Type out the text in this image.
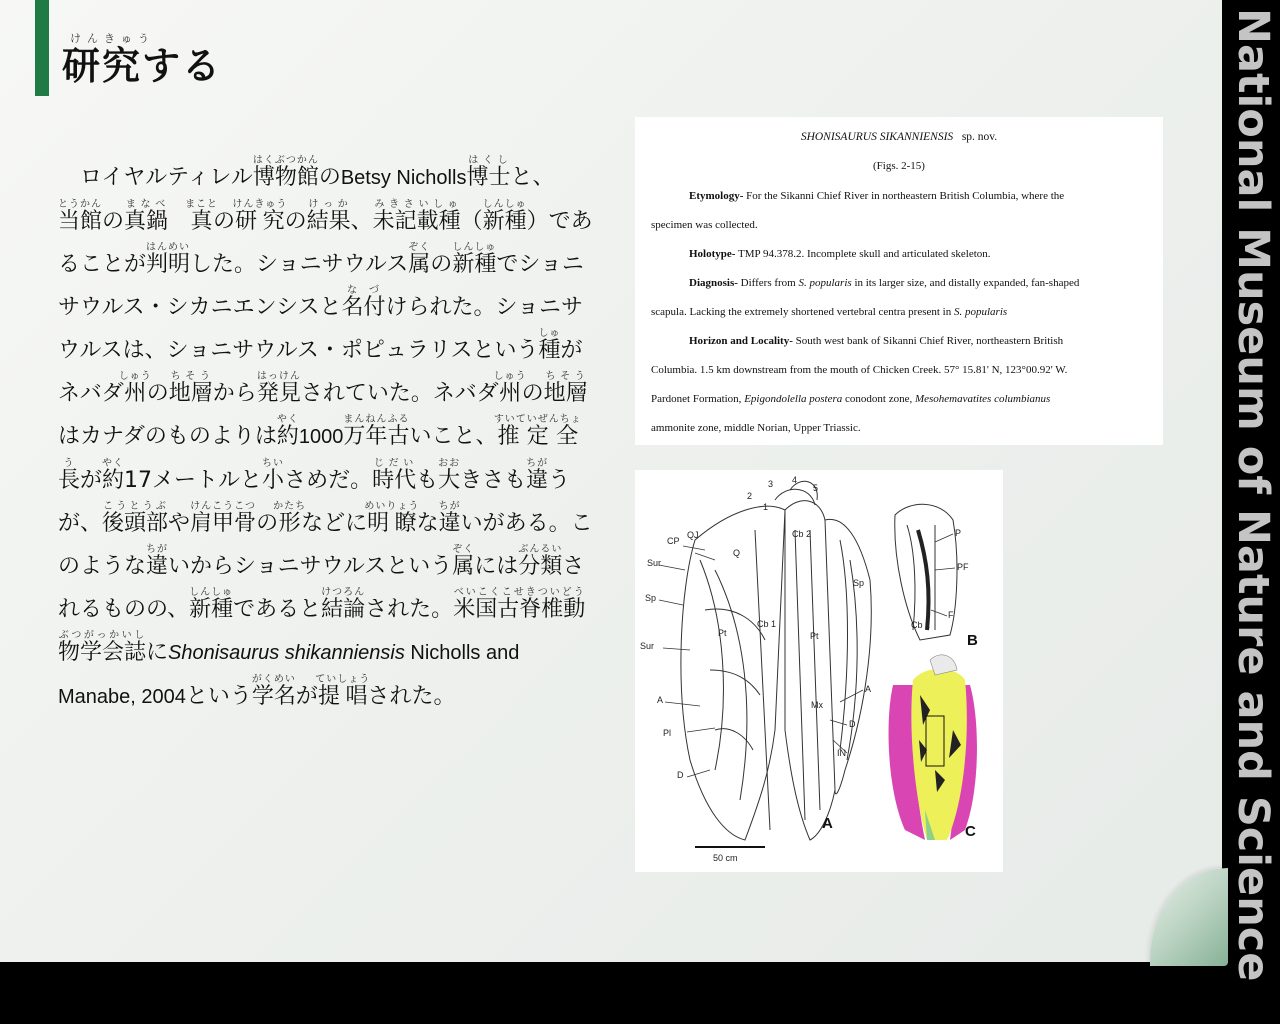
けんきゅう
研究する	National Museum of Nature and Science
　ロイヤルティレル博物館はくぶつかんのBetsy Nicholls博士はくしと、当館とうかんの真鍋まなべ　真まことの研究けんきゅうの結果けっか、未記載種みきさいしゅ（新種しんしゅ）であることが判明はんめいした。ショニサウルス属ぞくの新種しんしゅでショニサウルス・シカニエンシスと名付なづけられた。ショニサウルスは、ショニサウルス・ポピュラリスという種しゅがネバダ州しゅうの地層ちそうから発見はっけんされていた。ネバダ州しゅうの地層ちそうはカナダのものよりは約やく1000万年まんねん古ふるいこと、推定全長すいていぜんちょうが約やく17メートルと小ちいさめだ。時代じだいも大おおきさも違ちがうが、後頭部こうとうぶや肩甲骨けんこうこつの形かたちなどに明瞭めいりょうな違ちがいがある。このような違ちがいからショニサウルスという属ぞくには分類ぶんるいされるものの、新種しんしゅであると結論けつろんされた。米国古脊椎動物学会誌べいこくこせきついどうぶつがっかいしにShonisaurus shikanniensis Nicholls and Manabe, 2004という学名がくめいが提唱ていしょうされた。
SHONISAURUS SIKANNIENSIS sp. nov.
(Figs. 2-15)
Etymology- For the Sikanni Chief River in northeastern British Columbia, where the
specimen was collected.
Holotype- TMP 94.378.2. Incomplete skull and articulated skeleton.
Diagnosis- Differs from S. popularis in its larger size, and distally expanded, fan-shaped
scapula. Lacking the extremely shortened vertebral centra present in S. popularis
Horizon and Locality- South west bank of Sikanni Chief River, northeastern British
Columbia. 1.5 km downstream from the mouth of Chicken Creek. 57° 15.81' N, 123°00.92' W.
Pardonet Formation, Epigondolella postera conodont zone, Mesohemavatites columbianus
ammonite zone, middle Norian, Upper Triassic.
3 4
2
5
1
CP
QJ
Q
Cb 2
Sur
Sp
Sp
Pt	Pt
Cb 1
Sur
A
A
Mx
D
D
IN
Pl
P
PF
F
Cb 1
A
B
C
50 cm
